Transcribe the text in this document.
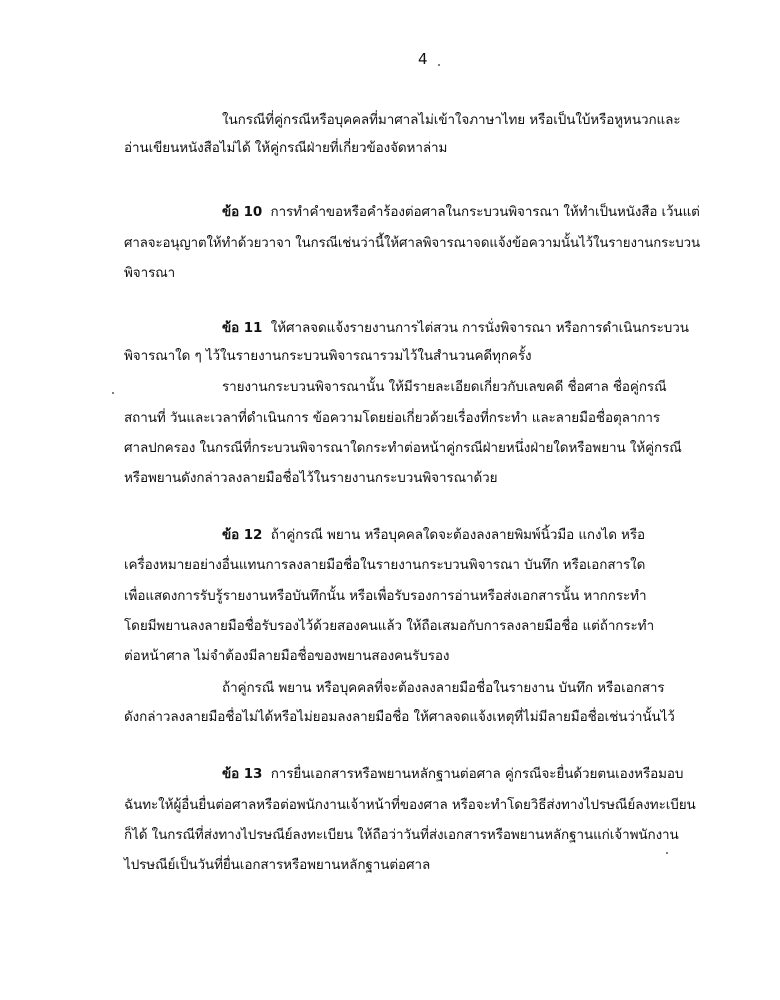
4
ในกรณีที่คู่กรณีหรือบุคคลที่มาศาลไม่เข้าใจภาษาไทย หรือเป็นใบ้หรือหูหนวกและ
อ่านเขียนหนังสือไม่ได้ ให้คู่กรณีฝ่ายที่เกี่ยวข้องจัดหาล่าม
ข้อ 10 การทำคำขอหรือคำร้องต่อศาลในกระบวนพิจารณา ให้ทำเป็นหนังสือ เว้นแต่
ศาลจะอนุญาตให้ทำด้วยวาจา ในกรณีเช่นว่านี้ให้ศาลพิจารณาจดแจ้งข้อความนั้นไว้ในรายงานกระบวน
พิจารณา
ข้อ 11 ให้ศาลจดแจ้งรายงานการไต่สวน การนั่งพิจารณา หรือการดำเนินกระบวน
พิจารณาใด ๆ ไว้ในรายงานกระบวนพิจารณารวมไว้ในสำนวนคดีทุกครั้ง
รายงานกระบวนพิจารณานั้น ให้มีรายละเอียดเกี่ยวกับเลขคดี ชื่อศาล ชื่อคู่กรณี
สถานที่ วันและเวลาที่ดำเนินการ ข้อความโดยย่อเกี่ยวด้วยเรื่องที่กระทำ และลายมือชื่อตุลาการ
ศาลปกครอง ในกรณีที่กระบวนพิจารณาใดกระทำต่อหน้าคู่กรณีฝ่ายหนึ่งฝ่ายใดหรือพยาน ให้คู่กรณี
หรือพยานดังกล่าวลงลายมือชื่อไว้ในรายงานกระบวนพิจารณาด้วย
ข้อ 12 ถ้าคู่กรณี พยาน หรือบุคคลใดจะต้องลงลายพิมพ์นิ้วมือ แกงได หรือ
เครื่องหมายอย่างอื่นแทนการลงลายมือชื่อในรายงานกระบวนพิจารณา บันทึก หรือเอกสารใด
เพื่อแสดงการรับรู้รายงานหรือบันทึกนั้น หรือเพื่อรับรองการอ่านหรือส่งเอกสารนั้น หากกระทำ
โดยมีพยานลงลายมือชื่อรับรองไว้ด้วยสองคนแล้ว ให้ถือเสมอกับการลงลายมือชื่อ แต่ถ้ากระทำ
ต่อหน้าศาล ไม่จำต้องมีลายมือชื่อของพยานสองคนรับรอง
ถ้าคู่กรณี พยาน หรือบุคคลที่จะต้องลงลายมือชื่อในรายงาน บันทึก หรือเอกสาร
ดังกล่าวลงลายมือชื่อไม่ได้หรือไม่ยอมลงลายมือชื่อ ให้ศาลจดแจ้งเหตุที่ไม่มีลายมือชื่อเช่นว่านั้นไว้
ข้อ 13 การยื่นเอกสารหรือพยานหลักฐานต่อศาล คู่กรณีจะยื่นด้วยตนเองหรือมอบ
ฉันทะให้ผู้อื่นยื่นต่อศาลหรือต่อพนักงานเจ้าหน้าที่ของศาล หรือจะทำโดยวิธีส่งทางไปรษณีย์ลงทะเบียน
ก็ได้ ในกรณีที่ส่งทางไปรษณีย์ลงทะเบียน ให้ถือว่าวันที่ส่งเอกสารหรือพยานหลักฐานแก่เจ้าพนักงาน
ไปรษณีย์เป็นวันที่ยื่นเอกสารหรือพยานหลักฐานต่อศาล
